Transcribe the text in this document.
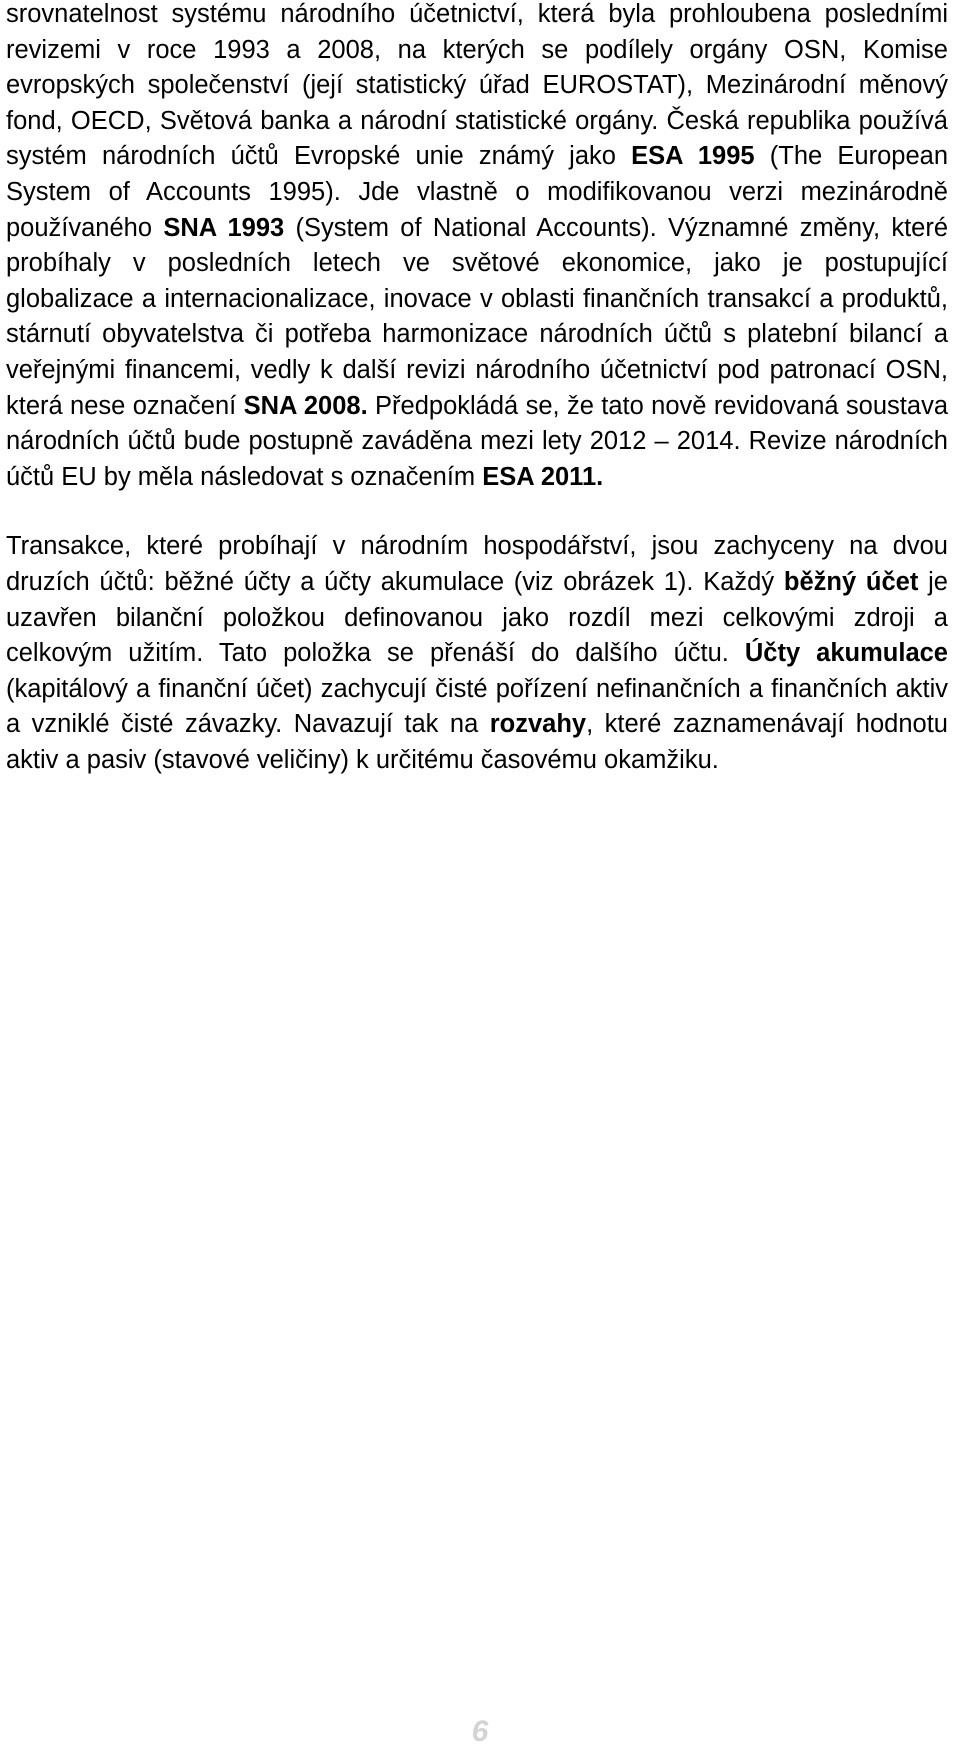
srovnatelnost systému národního účetnictví, která byla prohloubena posledními revizemi v roce 1993 a 2008, na kterých se podílely orgány OSN, Komise evropských společenství (její statistický úřad EUROSTAT), Mezinárodní měnový fond, OECD, Světová banka a národní statistické orgány. Česká republika používá systém národních účtů Evropské unie známý jako ESA 1995 (The European System of Accounts 1995). Jde vlastně o modifikovanou verzi mezinárodně používaného SNA 1993 (System of National Accounts). Významné změny, které probíhaly v posledních letech ve světové ekonomice, jako je postupující globalizace a internacionalizace, inovace v oblasti finančních transakcí a produktů, stárnutí obyvatelstva či potřeba harmonizace národních účtů s platební bilancí a veřejnými financemi, vedly k další revizi národního účetnictví pod patronací OSN, která nese označení SNA 2008. Předpokládá se, že tato nově revidovaná soustava národních účtů bude postupně zaváděna mezi lety 2012 – 2014. Revize národních účtů EU by měla následovat s označením ESA 2011.

Transakce, které probíhají v národním hospodářství, jsou zachyceny na dvou druzích účtů: běžné účty a účty akumulace (viz obrázek 1). Každý běžný účet je uzavřen bilanční položkou definovanou jako rozdíl mezi celkovými zdroji a celkovým užitím. Tato položka se přenáší do dalšího účtu. Účty akumulace (kapitálový a finanční účet) zachycují čisté pořízení nefinančních a finančních aktiv a vzniklé čisté závazky. Navazují tak na rozvahy, které zaznamenávají hodnotu aktiv a pasiv (stavové veličiny) k určitému časovému okamžiku.

6
